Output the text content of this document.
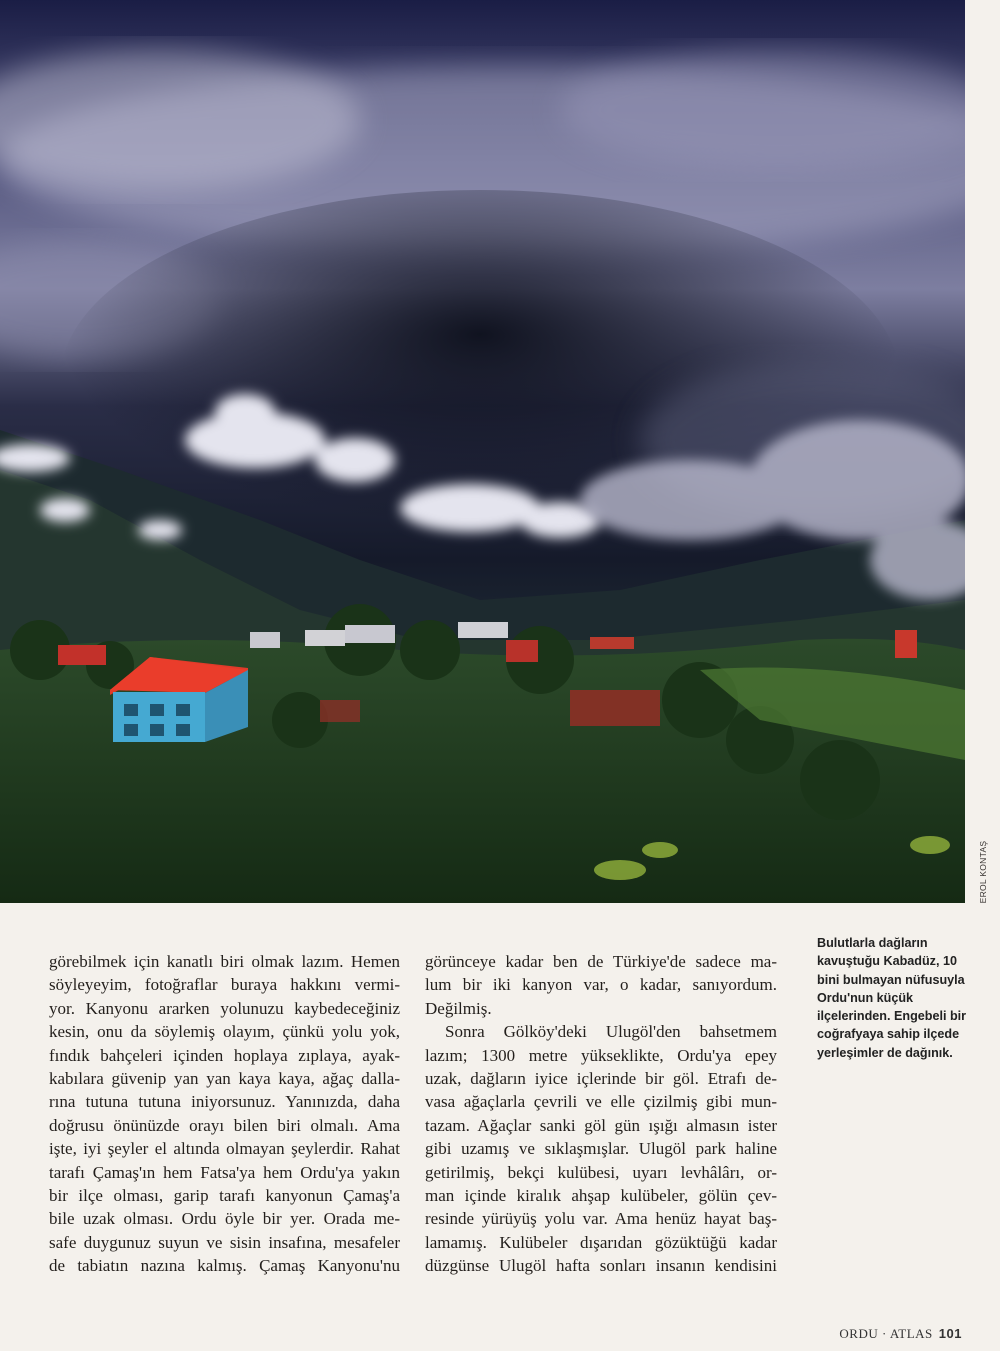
EROL KONTAŞ
görebilmek için kanatlı biri olmak lazım. Hemen
söyleyeyim, fotoğraflar buraya hakkını vermi-
yor. Kanyonu ararken yolunuzu kaybedeceğiniz
kesin, onu da söylemiş olayım, çünkü yolu yok,
fındık bahçeleri içinden hoplaya zıplaya, ayak-
kabılara güvenip yan yan kaya kaya, ağaç dalla-
rına tutuna tutuna iniyorsunuz. Yanınızda, daha
doğrusu önünüzde orayı bilen biri olmalı. Ama
işte, iyi şeyler el altında olmayan şeylerdir. Rahat
tarafı Çamaş'ın hem Fatsa'ya hem Ordu'ya yakın
bir ilçe olması, garip tarafı kanyonun Çamaş'a
bile uzak olması. Ordu öyle bir yer. Orada me-
safe duygunuz suyun ve sisin insafına, mesafeler
de tabiatın nazına kalmış. Çamaş Kanyonu'nu
görünceye kadar ben de Türkiye'de sadece ma-
lum bir iki kanyon var, o kadar, sanıyordum.
Değilmiş.
Sonra Gölköy'deki Ulugöl'den bahsetmem
lazım; 1300 metre yükseklikte, Ordu'ya epey
uzak, dağların iyice içlerinde bir göl. Etrafı de-
vasa ağaçlarla çevrili ve elle çizilmiş gibi mun-
tazam. Ağaçlar sanki göl gün ışığı almasın ister
gibi uzamış ve sıklaşmışlar. Ulugöl park haline
getirilmiş, bekçi kulübesi, uyarı levhâlârı, or-
man içinde kiralık ahşap kulübeler, gölün çev-
resinde yürüyüş yolu var. Ama henüz hayat baş-
lamamış. Kulübeler dışarıdan gözüktüğü kadar
düzgünse Ulugöl hafta sonları insanın kendisini
Bulutlarla dağların
kavuştuğu Kabadüz, 10
bini bulmayan nüfusuyla
Ordu'nun küçük
ilçelerinden. Engebeli bir
coğrafyaya sahip ilçede
yerleşimler de dağınık.
ORDU · ATLAS 101
